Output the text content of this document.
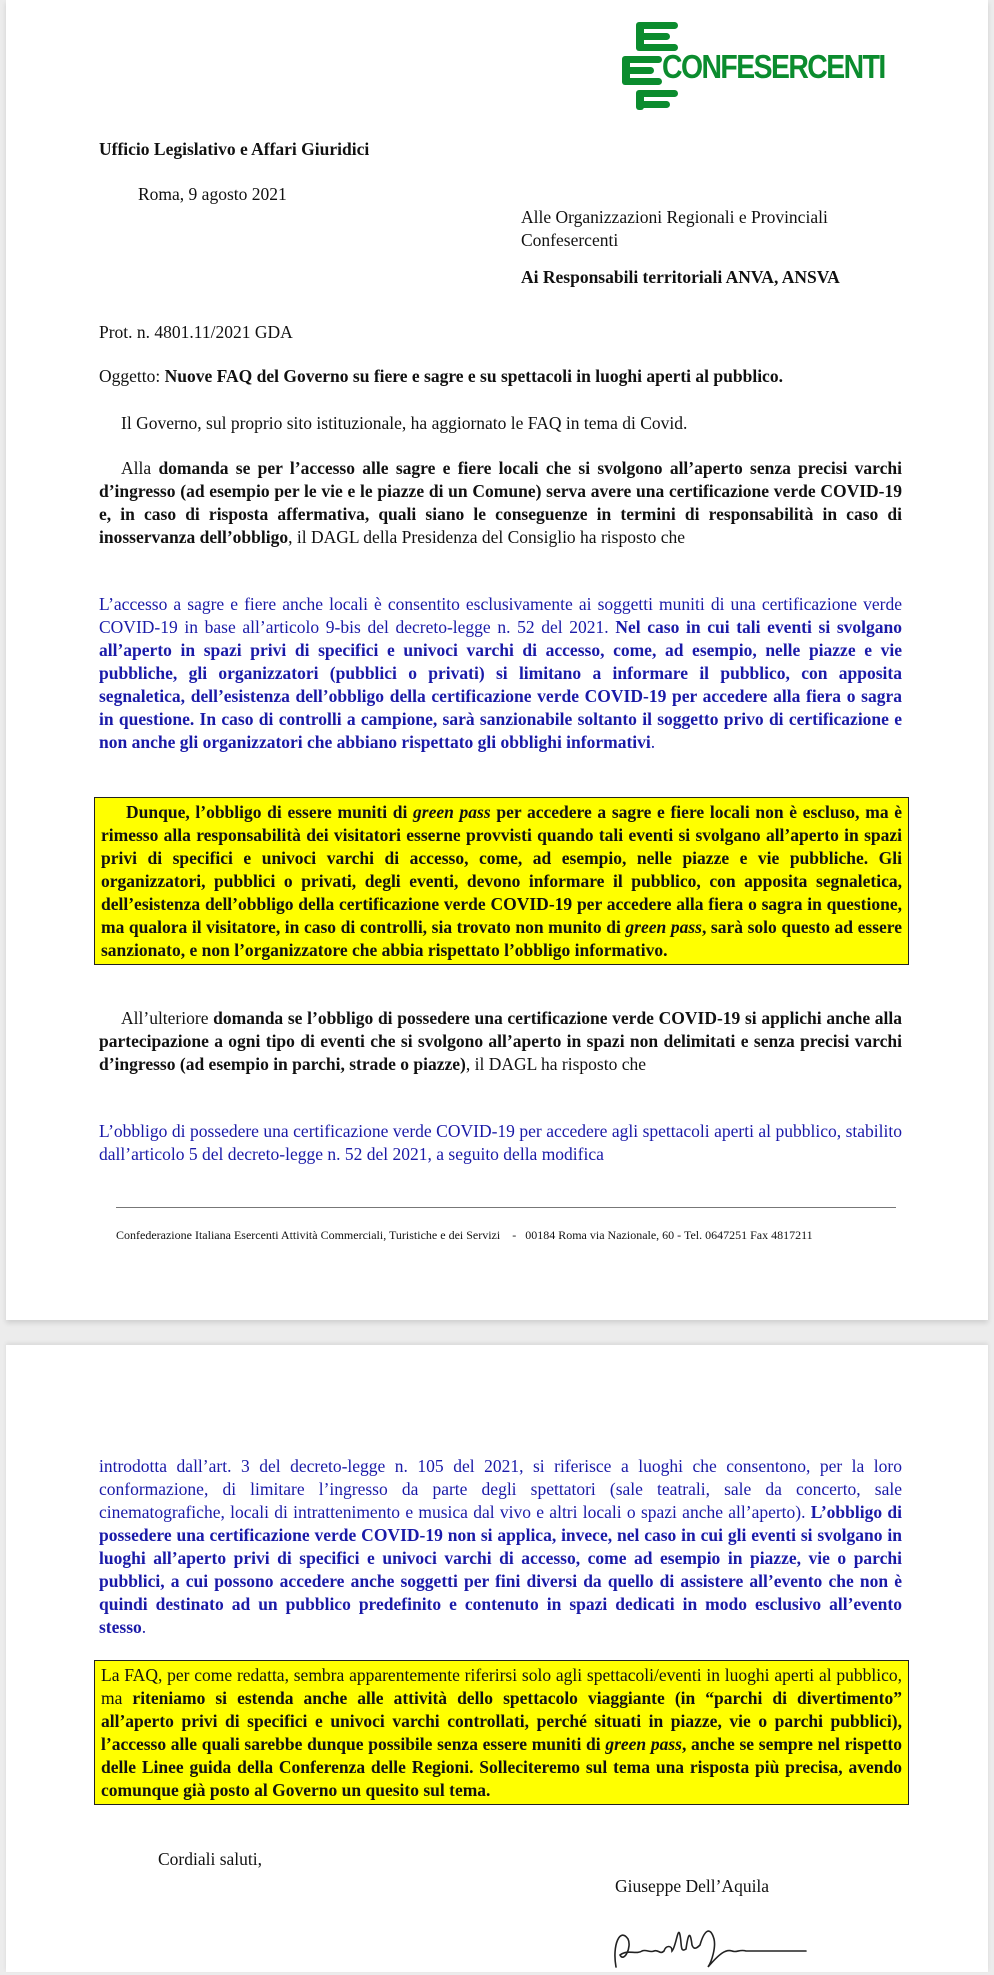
CONFESERCENTI
Ufficio Legislativo e Affari Giuridici
Roma, 9 agosto 2021
Alle Organizzazioni Regionali e Provinciali
Confesercenti
Ai Responsabili territoriali ANVA, ANSVA
Prot. n. 4801.11/2021 GDA
Oggetto: Nuove FAQ del Governo su fiere e sagre e su spettacoli in luoghi aperti al pubblico.
Il Governo, sul proprio sito istituzionale, ha aggiornato le FAQ in tema di Covid.
Alla domanda se per l’accesso alle sagre e fiere locali che si svolgono all’aperto senza precisi varchi d’ingresso (ad esempio per le vie e le piazze di un Comune) serva avere una certificazione verde COVID-19 e, in caso di risposta affermativa, quali siano le conseguenze in termini di responsabilità in caso di inosservanza dell’obbligo, il DAGL della Presidenza del Consiglio ha risposto che
L’accesso a sagre e fiere anche locali è consentito esclusivamente ai soggetti muniti di una certificazione verde COVID-19 in base all’articolo 9-bis del decreto-legge n. 52 del 2021. Nel caso in cui tali eventi si svolgano all’aperto in spazi privi di specifici e univoci varchi di accesso, come, ad esempio, nelle piazze e vie pubbliche, gli organizzatori (pubblici o privati) si limitano a informare il pubblico, con apposita segnaletica, dell’esistenza dell’obbligo della certificazione verde COVID-19 per accedere alla fiera o sagra in questione. In caso di controlli a campione, sarà sanzionabile soltanto il soggetto privo di certificazione e non anche gli organizzatori che abbiano rispettato gli obblighi informativi.
Dunque, l’obbligo di essere muniti di green pass per accedere a sagre e fiere locali non è escluso, ma è rimesso alla responsabilità dei visitatori esserne provvisti quando tali eventi si svolgano all’aperto in spazi privi di specifici e univoci varchi di accesso, come, ad esempio, nelle piazze e vie pubbliche. Gli organizzatori, pubblici o privati, degli eventi, devono informare il pubblico, con apposita segnaletica, dell’esistenza dell’obbligo della certificazione verde COVID-19 per accedere alla fiera o sagra in questione, ma qualora il visitatore, in caso di controlli, sia trovato non munito di green pass, sarà solo questo ad essere sanzionato, e non l’organizzatore che abbia rispettato l’obbligo informativo.
All’ulteriore domanda se l’obbligo di possedere una certificazione verde COVID-19 si applichi anche alla partecipazione a ogni tipo di eventi che si svolgono all’aperto in spazi non delimitati e senza precisi varchi d’ingresso (ad esempio in parchi, strade o piazze), il DAGL ha risposto che
L’obbligo di possedere una certificazione verde COVID-19 per accedere agli spettacoli aperti al pubblico, stabilito dall’articolo 5 del decreto-legge n. 52 del 2021, a seguito della modifica
Confederazione Italiana Esercenti Attività Commerciali, Turistiche e dei Servizi    -   00184 Roma via Nazionale, 60 - Tel. 0647251 Fax 4817211
introdotta dall’art. 3 del decreto-legge n. 105 del 2021, si riferisce a luoghi che consentono, per la loro conformazione, di limitare l’ingresso da parte degli spettatori (sale teatrali, sale da concerto, sale cinematografiche, locali di intrattenimento e musica dal vivo e altri locali o spazi anche all’aperto). L’obbligo di possedere una certificazione verde COVID-19 non si applica, invece, nel caso in cui gli eventi si svolgano in luoghi all’aperto privi di specifici e univoci varchi di accesso, come ad esempio in piazze, vie o parchi pubblici, a cui possono accedere anche soggetti per fini diversi da quello di assistere all’evento che non è quindi destinato ad un pubblico predefinito e contenuto in spazi dedicati in modo esclusivo all’evento stesso.
La FAQ, per come redatta, sembra apparentemente riferirsi solo agli spettacoli/eventi in luoghi aperti al pubblico, ma riteniamo si estenda anche alle attività dello spettacolo viaggiante (in “parchi di divertimento” all’aperto privi di specifici e univoci varchi controllati, perché situati in piazze, vie o parchi pubblici), l’accesso alle quali sarebbe dunque possibile senza essere muniti di green pass, anche se sempre nel rispetto delle Linee guida della Conferenza delle Regioni. Solleciteremo sul tema una risposta più precisa, avendo comunque già posto al Governo un quesito sul tema.
Cordiali saluti,
Giuseppe Dell’Aquila
